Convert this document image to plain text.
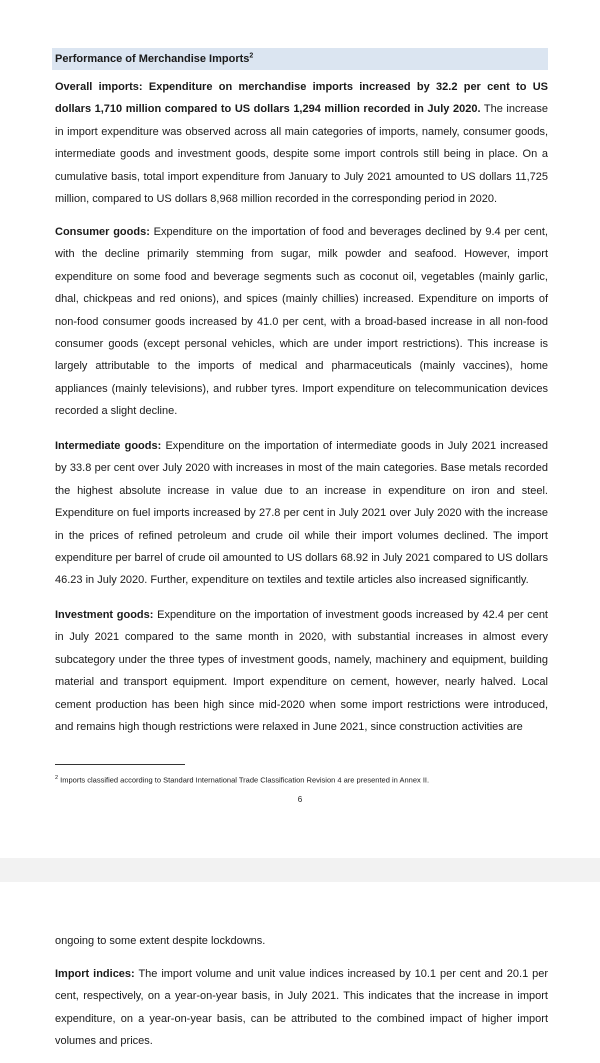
Performance of Merchandise Imports$^2$

Overall imports: Expenditure on merchandise imports increased by 32.2 per cent to US dollars 1,710 million compared to US dollars 1,294 million recorded in July 2020. The increase in import expenditure was observed across all main categories of imports, namely, consumer goods, intermediate goods and investment goods, despite some import controls still being in place. On a cumulative basis, total import expenditure from January to July 2021 amounted to US dollars 11,725 million, compared to US dollars 8,968 million recorded in the corresponding period in 2020.

Consumer goods: Expenditure on the importation of food and beverages declined by 9.4 per cent, with the decline primarily stemming from sugar, milk powder and seafood. However, import expenditure on some food and beverage segments such as coconut oil, vegetables (mainly garlic, dhal, chickpeas and red onions), and spices (mainly chillies) increased. Expenditure on imports of non-food consumer goods increased by 41.0 per cent, with a broad-based increase in all non-food consumer goods (except personal vehicles, which are under import restrictions). This increase is largely attributable to the imports of medical and pharmaceuticals (mainly vaccines), home appliances (mainly televisions), and rubber tyres. Import expenditure on telecommunication devices recorded a slight decline.

Intermediate goods: Expenditure on the importation of intermediate goods in July 2021 increased by 33.8 per cent over July 2020 with increases in most of the main categories. Base metals recorded the highest absolute increase in value due to an increase in expenditure on iron and steel. Expenditure on fuel imports increased by 27.8 per cent in July 2021 over July 2020 with the increase in the prices of refined petroleum and crude oil while their import volumes declined. The import expenditure per barrel of crude oil amounted to US dollars 68.92 in July 2021 compared to US dollars 46.23 in July 2020. Further, expenditure on textiles and textile articles also increased significantly.

Investment goods: Expenditure on the importation of investment goods increased by 42.4 per cent in July 2021 compared to the same month in 2020, with substantial increases in almost every subcategory under the three types of investment goods, namely, machinery and equipment, building material and transport equipment. Import expenditure on cement, however, nearly halved. Local cement production has been high since mid-2020 when some import restrictions were introduced, and remains high though restrictions were relaxed in June 2021, since construction activities are

$^2$ Imports classified according to Standard International Trade Classification Revision 4 are presented in Annex II.

6

ongoing to some extent despite lockdowns.

Import indices: The import volume and unit value indices increased by 10.1 per cent and 20.1 per cent, respectively, on a year-on-year basis, in July 2021. This indicates that the increase in import expenditure, on a year-on-year basis, can be attributed to the combined impact of higher import volumes and prices.
